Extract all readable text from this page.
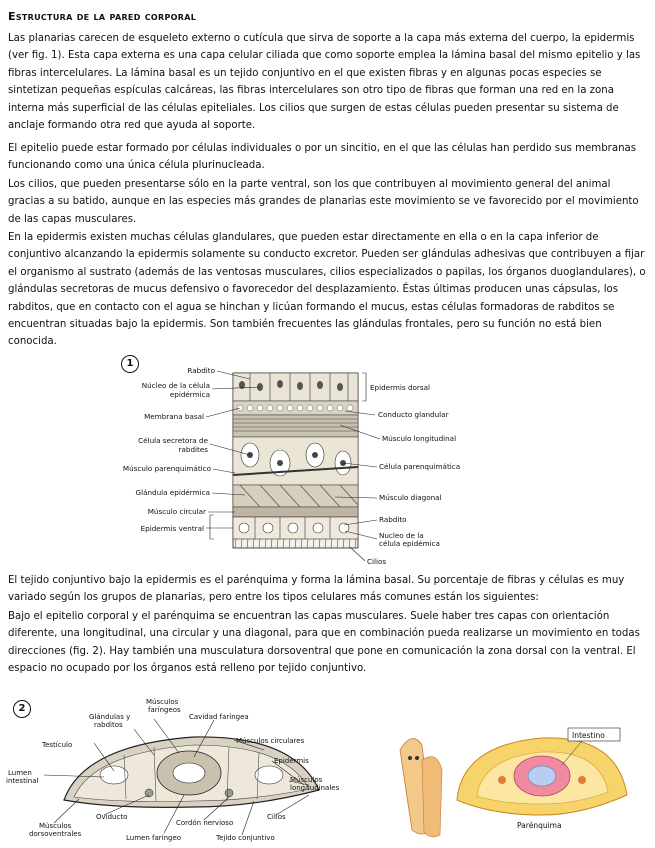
Estructura de la pared corporal
Las planarias carecen de esqueleto externo o cutícula que sirva de soporte a la capa más externa del cuerpo, la epidermis (ver fig. 1). Esta capa externa es una capa celular ciliada que como soporte emplea la lámina basal del mismo epitelio y las fibras intercelulares. La lámina basal es un tejido conjuntivo en el que existen fibras y en algunas pocas especies se sintetizan pequeñas espículas calcáreas, las fibras intercelulares son otro tipo de fibras que forman una red en la zona interna más superficial de las células epiteliales. Los cilios que surgen de estas células pueden presentar su sistema de anclaje formando otra red que ayuda al soporte.
El epitelio puede estar formado por células individuales o por un sincitio, en el que las células han perdido sus membranas funcionando como una única célula plurinucleada.
Los cilios, que pueden presentarse sólo en la parte ventral, son los que contribuyen al movimiento general del animal gracias a su batido, aunque en las especies más grandes de planarias este movimiento se ve favorecido por el movimiento de las capas musculares.
En la epidermis existen muchas células glandulares, que pueden estar directamente en ella o en la capa inferior de conjuntivo alcanzando la epidermis solamente su conducto excretor. Pueden ser glándulas adhesivas que contribuyen a fijar el organismo al sustrato (además de las ventosas musculares, cilios especializados o papilas, los órganos duoglandulares), o glándulas secretoras de mucus defensivo o favorecedor del desplazamiento. Éstas últimas producen unas cápsulas, los rabditos, que en contacto con el agua se hinchan y licúan formando el mucus, estas células formadoras de rabditos se encuentran situadas bajo la epidermis. Son también frecuentes las glándulas frontales, pero su función no está bien conocida.
1
Rabdito
Núcleo de la célula
epidérmica
Membrana basal
Célula secretora de
rabdites
Músculo parenquimático
Glándula epidérmica
Músculo circular
Epidermis ventral
Epidermis dorsal
Conducto glandular
Músculo longitudinal
Célula parenquimática
Músculo diagonal
Rabdito
Nucleo de la
célula epidémica
Cilios
El tejido conjuntivo bajo la epidermis es el parénquima y forma la lámina basal. Su porcentaje de fibras y células es muy variado según los grupos de planarias, pero entre los tipos celulares más comunes están los siguientes:
Bajo el epitelio corporal y el parénquima se encuentran las capas musculares. Suele haber tres capas con orientación diferente, una longitudinal, una circular y una diagonal, para que en combinación pueda realizarse un movimiento en todas direcciones (fig. 2). Hay también una musculatura dorsoventral que pone en comunicación la zona dorsal con la ventral. El espacio no ocupado por los órganos está relleno por tejido conjuntivo.
2
Músculos
faríngeos
Glándulas y
rabditos
Cavidad faríngea
Testículo	Músculos circulares
Lumen
intestinal
Epidermis
Músculos
longitudinales
Oviducto	Cilios
Músculos
dorsoventrales
Cordón nervioso
Lumen faríngeo	Tejido conjuntivo
Intestino
Parénquima
